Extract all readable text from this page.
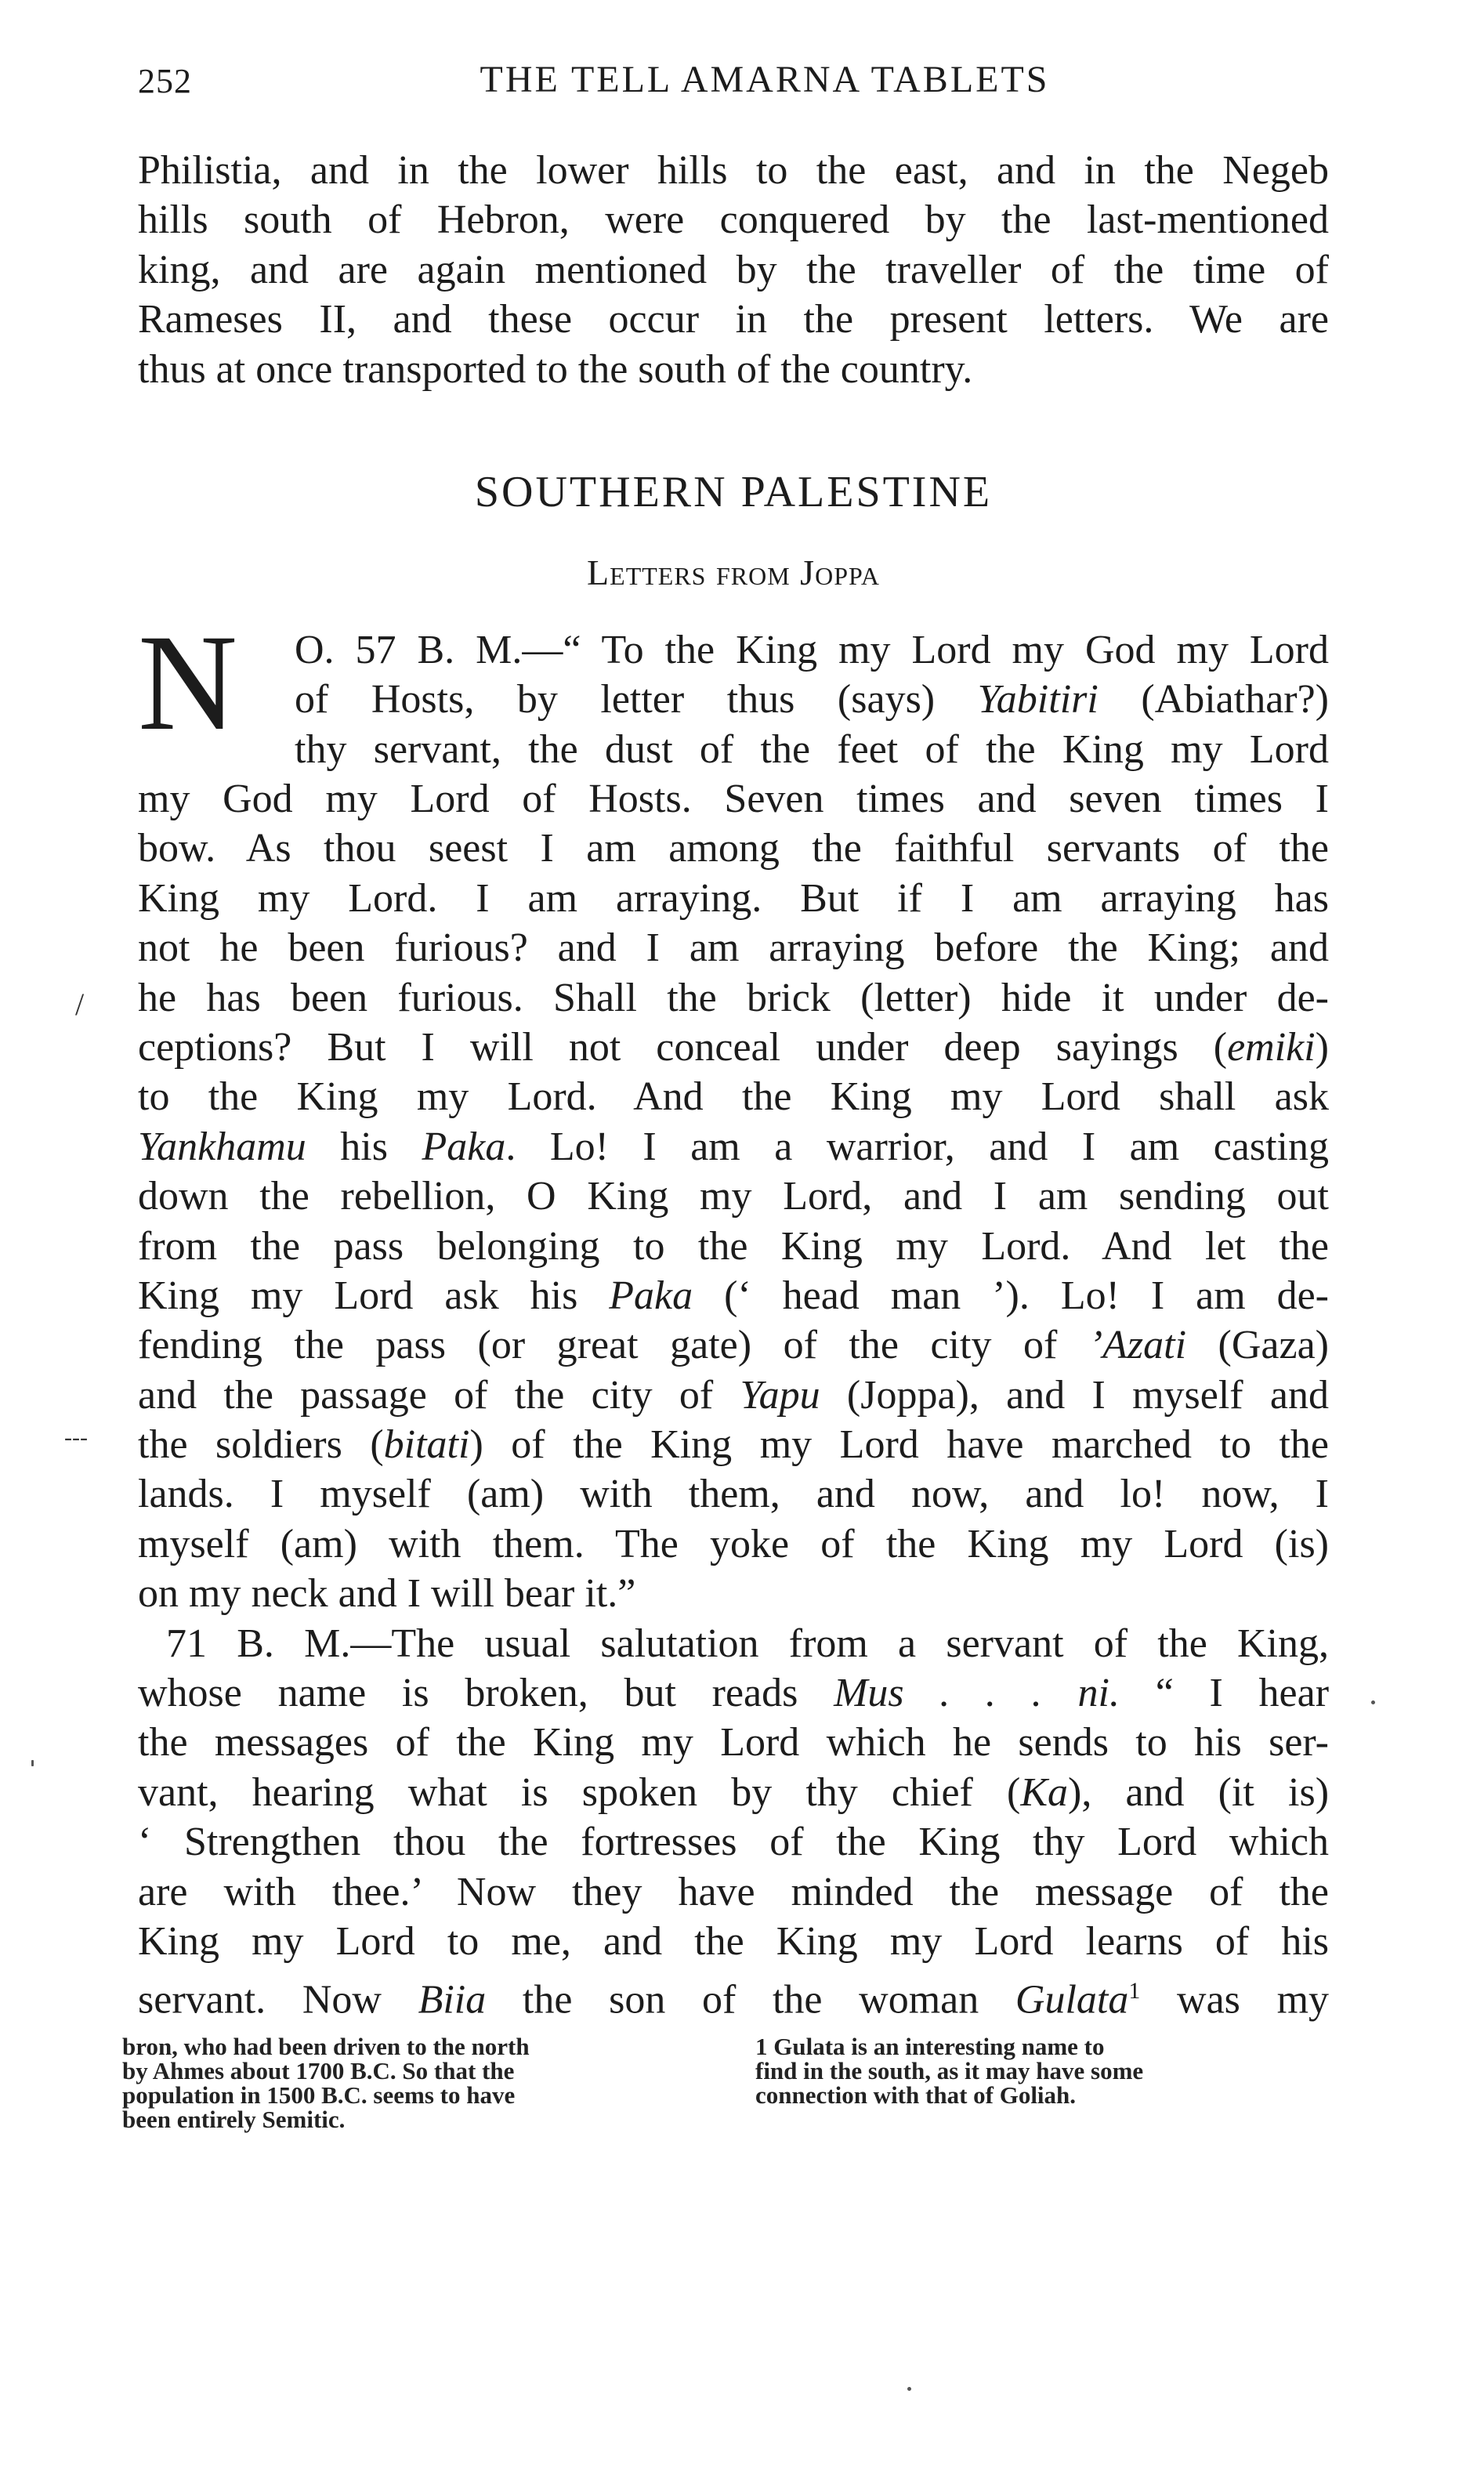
252	THE TELL AMARNA TABLETS
Philistia, and in the lower hills to the east, and in the Negeb
hills south of Hebron, were conquered by the last-mentioned
king, and are again mentioned by the traveller of the time of
Rameses II, and these occur in the present letters. We are
thus at once transported to the south of the country.
SOUTHERN PALESTINE
Letters from Joppa
N O. 57 B. M.—“ To the King my Lord my God my Lord
of Hosts, by letter thus (says) Yabitiri (Abiathar?)
thy servant, the dust of the feet of the King my Lord
my God my Lord of Hosts. Seven times and seven times I
bow. As thou seest I am among the faithful servants of the
King my Lord. I am arraying. But if I am arraying has
not he been furious? and I am arraying before the King; and
he has been furious. Shall the brick (letter) hide it under de-
ceptions? But I will not conceal under deep sayings (emiki)
to the King my Lord. And the King my Lord shall ask
Yankhamu his Paka. Lo! I am a warrior, and I am casting
down the rebellion, O King my Lord, and I am sending out
from the pass belonging to the King my Lord. And let the
King my Lord ask his Paka (‘ head man ’). Lo! I am de-
fending the pass (or great gate) of the city of ’Azati (Gaza)
and the passage of the city of Yapu (Joppa), and I myself and
the soldiers (bitati) of the King my Lord have marched to the
lands. I myself (am) with them, and now, and lo! now, I
myself (am) with them. The yoke of the King my Lord (is)
on my neck and I will bear it.”
71 B. M.—The usual salutation from a servant of the King,
whose name is broken, but reads Mus . . . ni. “ I hear
the messages of the King my Lord which he sends to his ser-
vant, hearing what is spoken by thy chief (Ka), and (it is)
‘ Strengthen thou the fortresses of the King thy Lord which
are with thee.’ Now they have minded the message of the
King my Lord to me, and the King my Lord learns of his
servant. Now Biia the son of the woman Gulata$^1$ was my
bron, who had been driven to the north
by Ahmes about 1700 B.C. So that the
population in 1500 B.C. seems to have
been entirely Semitic.
1 Gulata is an interesting name to
find in the south, as it may have some
connection with that of Goliah.
/
-‑-
